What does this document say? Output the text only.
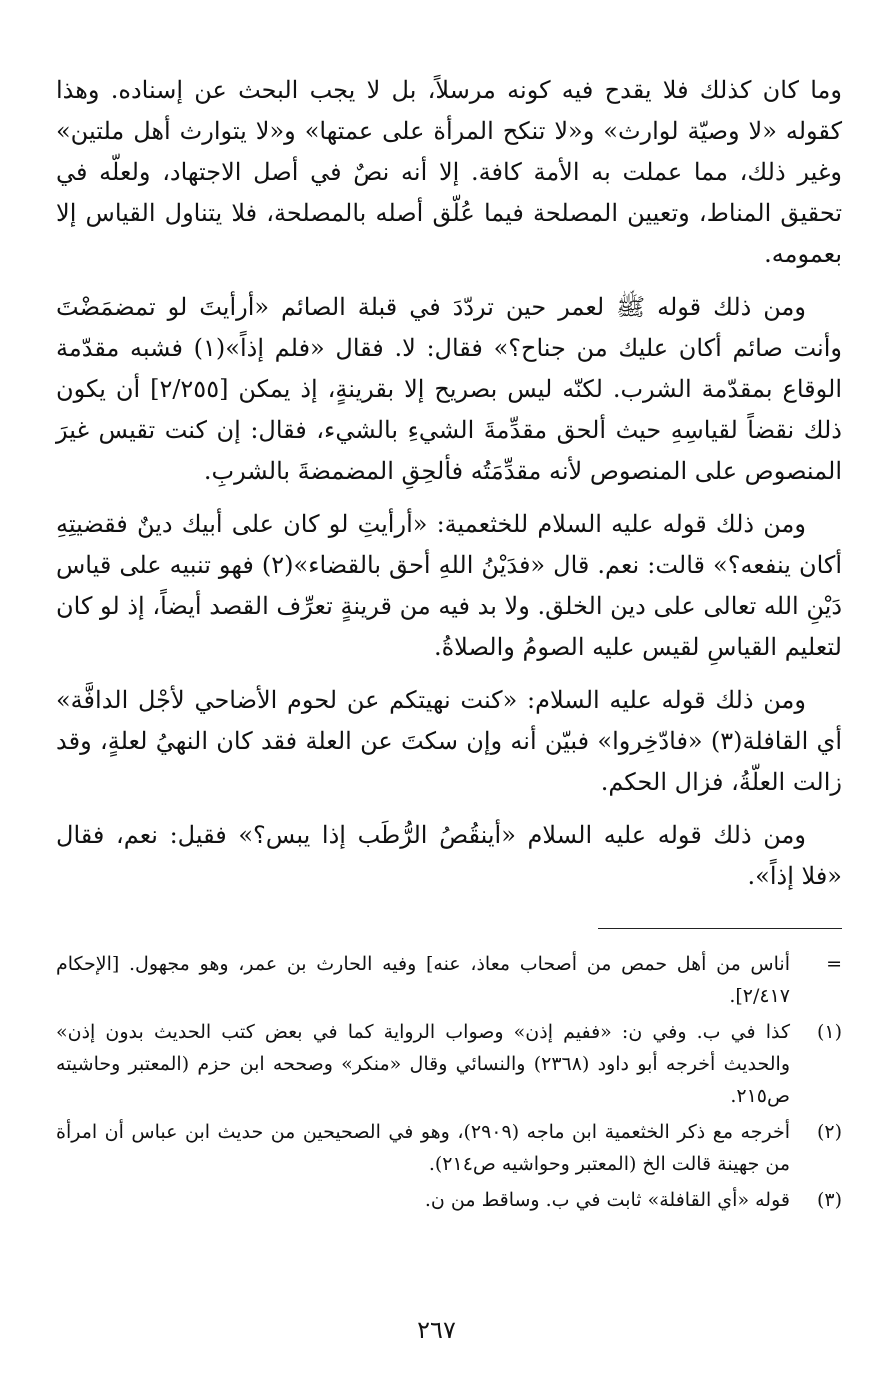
وما كان كذلك فلا يقدح فيه كونه مرسلاً، بل لا يجب البحث عن إسناده. وهذا كقوله «لا وصيّة لوارث» و«لا تنكح المرأة على عمتها» و«لا يتوارث أهل ملتين» وغير ذلك، مما عملت به الأمة كافة. إلا أنه نصٌ في أصل الاجتهاد، ولعلّه في تحقيق المناط، وتعيين المصلحة فيما عُلّق أصله بالمصلحة، فلا يتناول القياس إلا بعمومه.

ومن ذلك قوله ﷺ لعمر حين تردّدَ في قبلة الصائم «أرأيتَ لو تمضمَضْتَ وأنت صائم أكان عليك من جناح؟» فقال: لا. فقال «فلم إذاً»(١) فشبه مقدّمة الوقاع بمقدّمة الشرب. لكنّه ليس بصريح إلا بقرينةٍ، إذ يمكن [٢/٢٥٥] أن يكون ذلك نقضاً لقياسِهِ حيث ألحق مقدِّمةَ الشيءِ بالشيء، فقال: إن كنت تقيس غيرَ المنصوص على المنصوص لأنه مقدِّمَتُه فألحِقِ المضمضةَ بالشربِ.

ومن ذلك قوله عليه السلام للخثعمية: «أرأيتِ لو كان على أبيك دينٌ فقضيتِهِ أكان ينفعه؟» قالت: نعم. قال «فدَيْنُ اللهِ أحق بالقضاء»(٢) فهو تنبيه على قياس دَيْنِ الله تعالى على دين الخلق. ولا بد فيه من قرينةٍ تعرِّف القصد أيضاً، إذ لو كان لتعليم القياسِ لقيس عليه الصومُ والصلاةُ.

ومن ذلك قوله عليه السلام: «كنت نهيتكم عن لحوم الأضاحي لأجْل الدافَّة» أي القافلة(٣) «فادّخِروا» فبيّن أنه وإن سكتَ عن العلة فقد كان النهيُ لعلةٍ، وقد زالت العلّةُ، فزال الحكم.

ومن ذلك قوله عليه السلام «أينقُصُ الرُّطَب إذا يبس؟» فقيل: نعم، فقال «فلا إذاً».

=
أناس من أهل حمص من أصحاب معاذ، عنه] وفيه الحارث بن عمر، وهو مجهول. [الإحكام ٢/٤١٧].
(١)
كذا في ب. وفي ن: «ففيم إذن» وصواب الرواية كما في بعض كتب الحديث بدون إذن» والحديث أخرجه أبو داود (٢٣٦٨) والنسائي وقال «منكر» وصححه ابن حزم (المعتبر وحاشيته ص٢١٥.
(٢)
أخرجه مع ذكر الخثعمية ابن ماجه (٢٩٠٩)، وهو في الصحيحين من حديث ابن عباس أن امرأة من جهينة قالت الخ (المعتبر وحواشيه ص٢١٤).
(٣)
قوله «أي القافلة» ثابت في ب. وساقط من ن.
٢٦٧
